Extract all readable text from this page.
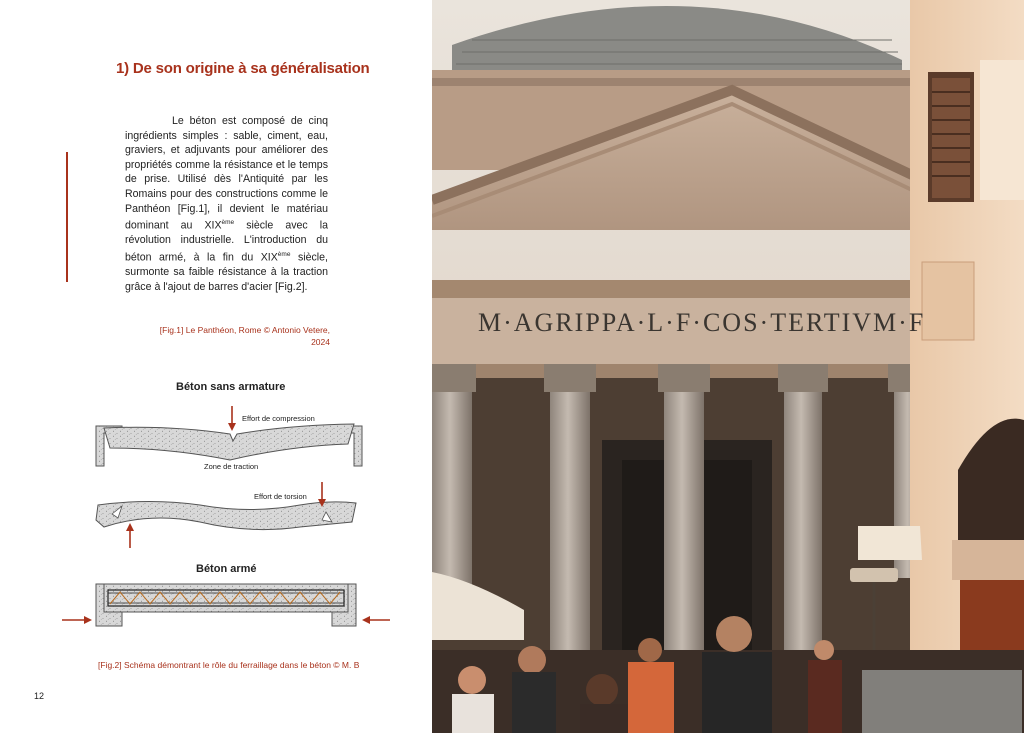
1) De son origine à sa généralisation

Le béton est composé de cinq ingrédients simples : sable, ciment, eau, graviers, et adjuvants pour améliorer des propriétés comme la résistance et le temps de prise. Utilisé dès l'Antiquité par les Romains pour des constructions comme le Panthéon [Fig.1], il devient le matériau dominant au XIXème siècle avec la révolution industrielle. L'introduction du béton armé, à la fin du XIXème siècle, surmonte sa faible résistance à la traction grâce à l'ajout de barres d'acier [Fig.2].

[Fig.1] Le Panthéon, Rome © Antonio Vetere, 2024
Béton sans armature
Effort de compression
Zone de traction
Effort de torsion
Béton armé
[Fig.2] Schéma démontrant le rôle du ferraillage dans le béton © M. B
12
M·AGRIPPA·L·F·COS·TERTIVM·F
